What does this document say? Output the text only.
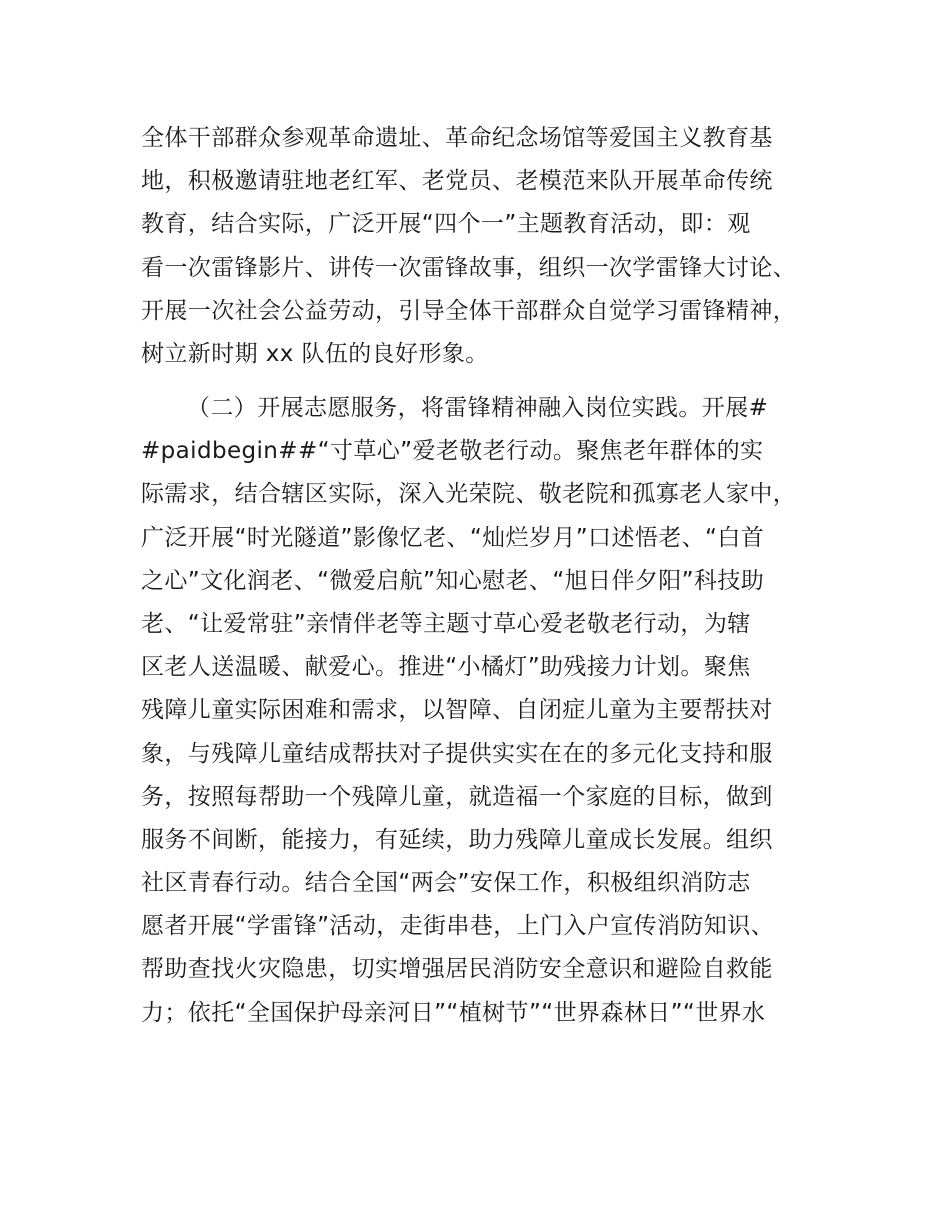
全体干部群众参观革命遗址、革命纪念场馆等爱国主义教育基
地，积极邀请驻地老红军、老党员、老模范来队开展革命传统
教育，结合实际，广泛开展“四个一”主题教育活动，即：观
看一次雷锋影片、讲传一次雷锋故事，组织一次学雷锋大讨论、
开展一次社会公益劳动，引导全体干部群众自觉学习雷锋精神，
树立新时期 xx 队伍的良好形象。
（二）开展志愿服务，将雷锋精神融入岗位实践。开展#
#paidbegin##“寸草心”爱老敬老行动。聚焦老年群体的实
际需求，结合辖区实际，深入光荣院、敬老院和孤寡老人家中，
广泛开展“时光隧道”影像忆老、“灿烂岁月”口述悟老、“白首
之心”文化润老、“微爱启航”知心慰老、“旭日伴夕阳”科技助
老、“让爱常驻”亲情伴老等主题寸草心爱老敬老行动，为辖
区老人送温暖、献爱心。推进“小橘灯”助残接力计划。聚焦
残障儿童实际困难和需求，以智障、自闭症儿童为主要帮扶对
象，与残障儿童结成帮扶对子提供实实在在的多元化支持和服
务，按照每帮助一个残障儿童，就造福一个家庭的目标，做到
服务不间断，能接力，有延续，助力残障儿童成长发展。组织
社区青春行动。结合全国“两会”安保工作，积极组织消防志
愿者开展“学雷锋”活动，走街串巷，上门入户宣传消防知识、
帮助查找火灾隐患，切实增强居民消防安全意识和避险自救能
力；依托“全国保护母亲河日”“植树节”“世界森林日”“世界水
